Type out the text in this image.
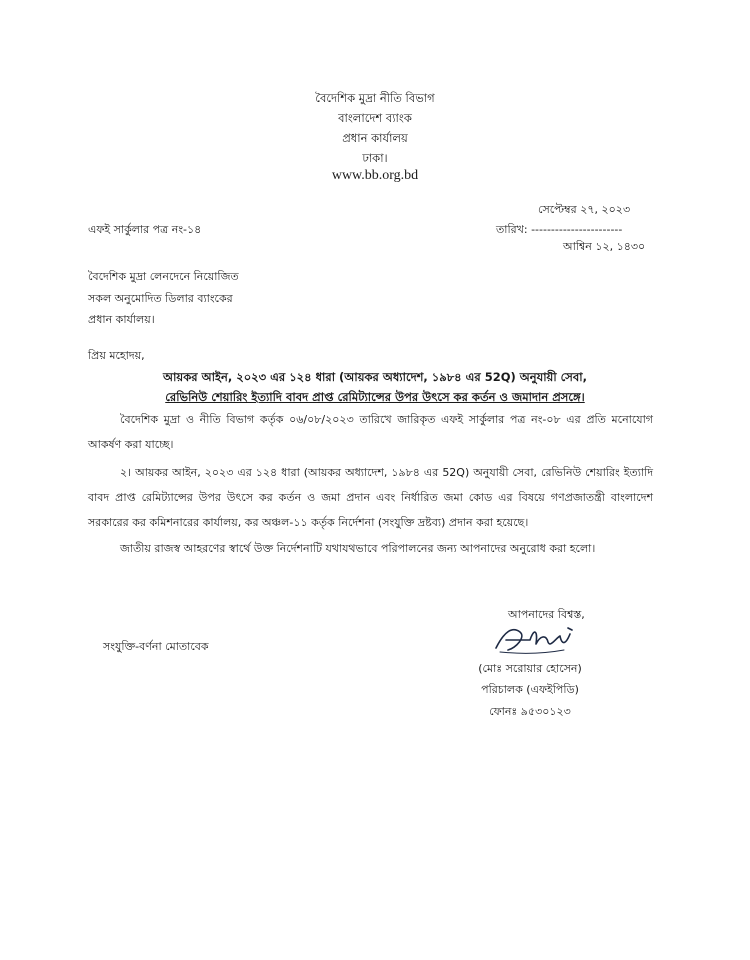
বৈদেশিক মুদ্রা নীতি বিভাগ
বাংলাদেশ ব্যাংক
প্রধান কার্যালয়
ঢাকা।
www.bb.org.bd
সেপ্টেম্বর ২৭, ২০২৩
এফই সার্কুলার পত্র নং-১৪	তারিখ: -----------------------
আশ্বিন ১২, ১৪৩০
বৈদেশিক মুদ্রা লেনদেনে নিয়োজিত
সকল অনুমোদিত ডিলার ব্যাংকের
প্রধান কার্যালয়।
প্রিয় মহোদয়,
আয়কর আইন, ২০২৩ এর ১২৪ ধারা (আয়কর অধ্যাদেশ, ১৯৮৪ এর 52Q) অনুযায়ী সেবা,
রেভিনিউ শেয়ারিং ইত্যাদি বাবদ প্রাপ্ত রেমিট্যান্সের উপর উৎসে কর কর্তন ও জমাদান প্রসঙ্গে।
বৈদেশিক মুদ্রা ও নীতি বিভাগ কর্তৃক ০৬/০৮/২০২৩ তারিখে জারিকৃত এফই সার্কুলার পত্র নং-০৮ এর প্রতি মনোযোগ আকর্ষণ করা যাচ্ছে।
২। আয়কর আইন, ২০২৩ এর ১২৪ ধারা (আয়কর অধ্যাদেশ, ১৯৮৪ এর 52Q) অনুযায়ী সেবা, রেভিনিউ শেয়ারিং ইত্যাদি বাবদ প্রাপ্ত রেমিট্যান্সের উপর উৎসে কর কর্তন ও জমা প্রদান এবং নির্ধারিত জমা কোড এর বিষয়ে গণপ্রজাতন্ত্রী বাংলাদেশ সরকারের কর কমিশনারের কার্যালয়, কর অঞ্চল-১১ কর্তৃক নির্দেশনা (সংযুক্তি দ্রষ্টব্য) প্রদান করা হয়েছে।
জাতীয় রাজস্ব আহরণের স্বার্থে উক্ত নির্দেশনাটি যথাযথভাবে পরিপালনের জন্য আপনাদের অনুরোধ করা হলো।
আপনাদের বিশ্বস্ত,
সংযুক্তি-বর্ণনা মোতাবেক
(মোঃ সরোয়ার হোসেন)
পরিচালক (এফইপিডি)
ফোনঃ ৯৫৩০১২৩
